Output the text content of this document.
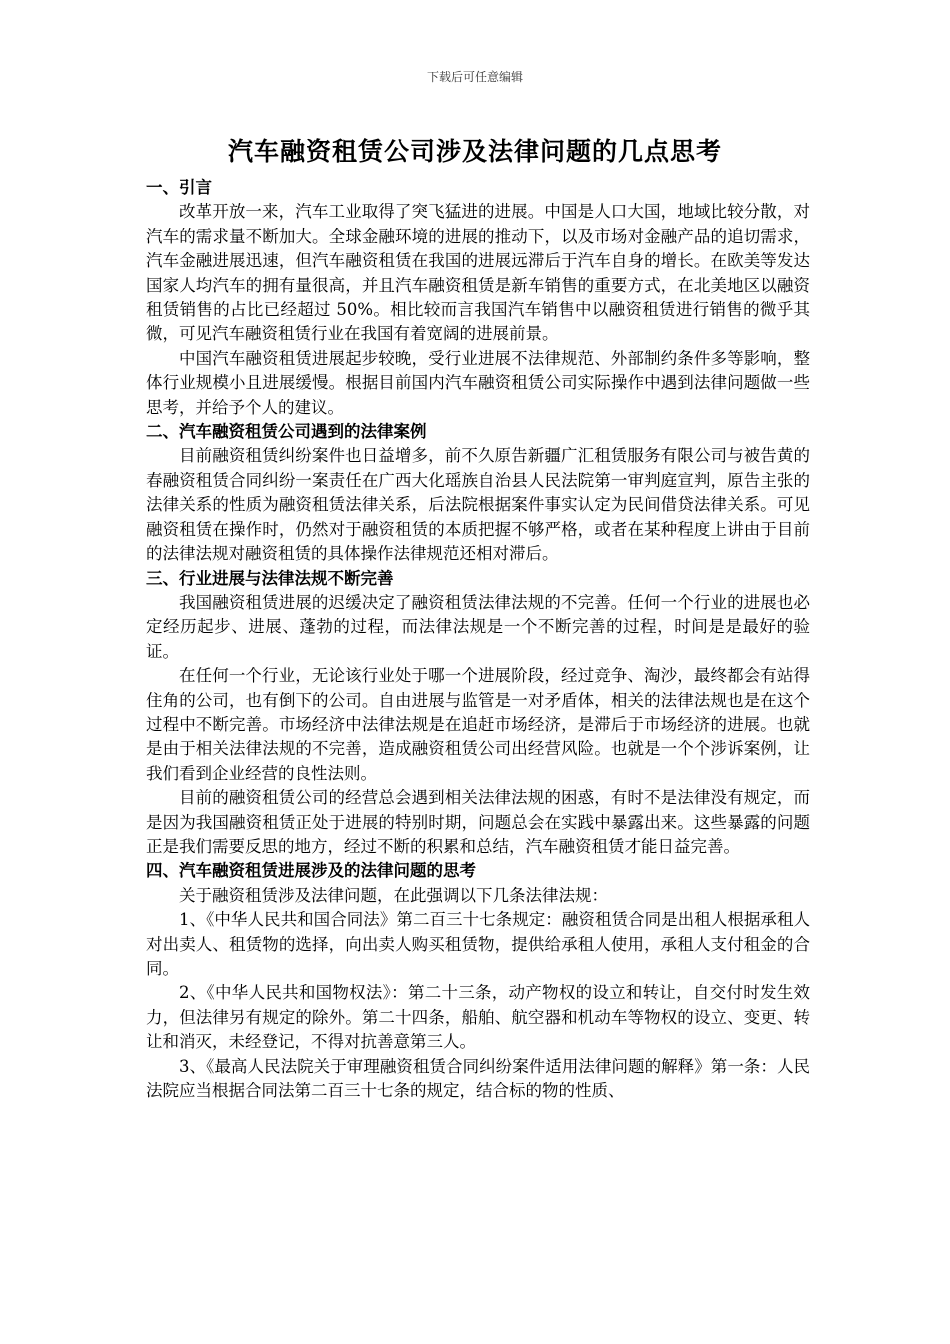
下载后可任意编辑
汽车融资租赁公司涉及法律问题的几点思考
一、引言

改革开放一来，汽车工业取得了突飞猛进的进展。中国是人口大国，地域比较分散，对汽车的需求量不断加大。全球金融环境的进展的推动下，以及市场对金融产品的追切需求，汽车金融进展迅速，但汽车融资租赁在我国的进展远滞后于汽车自身的增长。在欧美等发达国家人均汽车的拥有量很高，并且汽车融资租赁是新车销售的重要方式，在北美地区以融资租赁销售的占比已经超过 50%。相比较而言我国汽车销售中以融资租赁进行销售的微乎其微，可见汽车融资租赁行业在我国有着宽阔的进展前景。

中国汽车融资租赁进展起步较晚，受行业进展不法律规范、外部制约条件多等影响，整体行业规模小且进展缓慢。根据目前国内汽车融资租赁公司实际操作中遇到法律问题做一些思考，并给予个人的建议。

二、汽车融资租赁公司遇到的法律案例

目前融资租赁纠纷案件也日益增多，前不久原告新疆广汇租赁服务有限公司与被告黄的春融资租赁合同纠纷一案责任在广西大化瑶族自治县人民法院第一审判庭宣判，原告主张的法律关系的性质为融资租赁法律关系，后法院根据案件事实认定为民间借贷法律关系。可见融资租赁在操作时，仍然对于融资租赁的本质把握不够严格，或者在某种程度上讲由于目前的法律法规对融资租赁的具体操作法律规范还相对滞后。

三、行业进展与法律法规不断完善

我国融资租赁进展的迟缓决定了融资租赁法律法规的不完善。任何一个行业的进展也必定经历起步、进展、蓬勃的过程，而法律法规是一个不断完善的过程，时间是是最好的验证。

在任何一个行业，无论该行业处于哪一个进展阶段，经过竞争、淘沙，最终都会有站得住角的公司，也有倒下的公司。自由进展与监管是一对矛盾体，相关的法律法规也是在这个过程中不断完善。市场经济中法律法规是在追赶市场经济，是滞后于市场经济的进展。也就是由于相关法律法规的不完善，造成融资租赁公司出经营风险。也就是一个个涉诉案例，让我们看到企业经营的良性法则。

目前的融资租赁公司的经营总会遇到相关法律法规的困惑，有时不是法律没有规定，而是因为我国融资租赁正处于进展的特别时期，问题总会在实践中暴露出来。这些暴露的问题正是我们需要反思的地方，经过不断的积累和总结，汽车融资租赁才能日益完善。

四、汽车融资租赁进展涉及的法律问题的思考

关于融资租赁涉及法律问题，在此强调以下几条法律法规：

1、《中华人民共和国合同法》第二百三十七条规定：融资租赁合同是出租人根据承租人对出卖人、租赁物的选择，向出卖人购买租赁物，提供给承租人使用，承租人支付租金的合同。

2、《中华人民共和国物权法》：第二十三条，动产物权的设立和转让，自交付时发生效力，但法律另有规定的除外。第二十四条，船舶、航空器和机动车等物权的设立、变更、转让和消灭，未经登记，不得对抗善意第三人。

3、《最高人民法院关于审理融资租赁合同纠纷案件适用法律问题的解释》第一条：人民法院应当根据合同法第二百三十七条的规定，结合标的物的性质、
